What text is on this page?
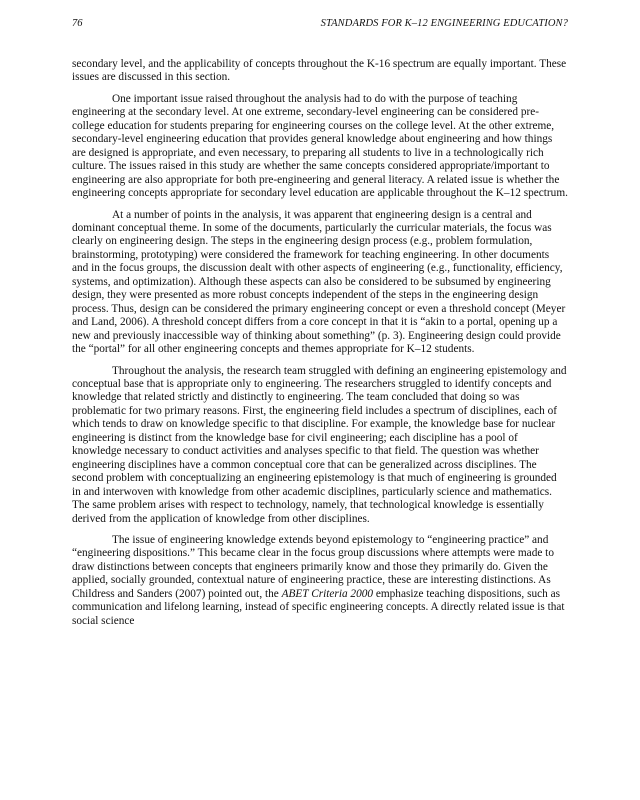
76	STANDARDS FOR K–12 ENGINEERING EDUCATION?

secondary level, and the applicability of concepts throughout the K-16 spectrum are equally important. These issues are discussed in this section.

One important issue raised throughout the analysis had to do with the purpose of teaching engineering at the secondary level. At one extreme, secondary-level engineering can be considered pre-college education for students preparing for engineering courses on the college level. At the other extreme, secondary-level engineering education that provides general knowledge about engineering and how things are designed is appropriate, and even necessary, to preparing all students to live in a technologically rich culture. The issues raised in this study are whether the same concepts considered appropriate/important to engineering are also appropriate for both pre-engineering and general literacy. A related issue is whether the engineering concepts appropriate for secondary level education are applicable throughout the K–12 spectrum.

At a number of points in the analysis, it was apparent that engineering design is a central and dominant conceptual theme. In some of the documents, particularly the curricular materials, the focus was clearly on engineering design. The steps in the engineering design process (e.g., problem formulation, brainstorming, prototyping) were considered the framework for teaching engineering. In other documents and in the focus groups, the discussion dealt with other aspects of engineering (e.g., functionality, efficiency, systems, and optimization). Although these aspects can also be considered to be subsumed by engineering design, they were presented as more robust concepts independent of the steps in the engineering design process. Thus, design can be considered the primary engineering concept or even a threshold concept (Meyer and Land, 2006). A threshold concept differs from a core concept in that it is “akin to a portal, opening up a new and previously inaccessible way of thinking about something” (p. 3). Engineering design could provide the “portal” for all other engineering concepts and themes appropriate for K–12 students.

Throughout the analysis, the research team struggled with defining an engineering epistemology and conceptual base that is appropriate only to engineering. The researchers struggled to identify concepts and knowledge that related strictly and distinctly to engineering. The team concluded that doing so was problematic for two primary reasons. First, the engineering field includes a spectrum of disciplines, each of which tends to draw on knowledge specific to that discipline. For example, the knowledge base for nuclear engineering is distinct from the knowledge base for civil engineering; each discipline has a pool of knowledge necessary to conduct activities and analyses specific to that field. The question was whether engineering disciplines have a common conceptual core that can be generalized across disciplines. The second problem with conceptualizing an engineering epistemology is that much of engineering is grounded in and interwoven with knowledge from other academic disciplines, particularly science and mathematics. The same problem arises with respect to technology, namely, that technological knowledge is essentially derived from the application of knowledge from other disciplines.

The issue of engineering knowledge extends beyond epistemology to “engineering practice” and “engineering dispositions.” This became clear in the focus group discussions where attempts were made to draw distinctions between concepts that engineers primarily know and those they primarily do. Given the applied, socially grounded, contextual nature of engineering practice, these are interesting distinctions. As Childress and Sanders (2007) pointed out, the ABET Criteria 2000 emphasize teaching dispositions, such as communication and lifelong learning, instead of specific engineering concepts. A directly related issue is that social science
